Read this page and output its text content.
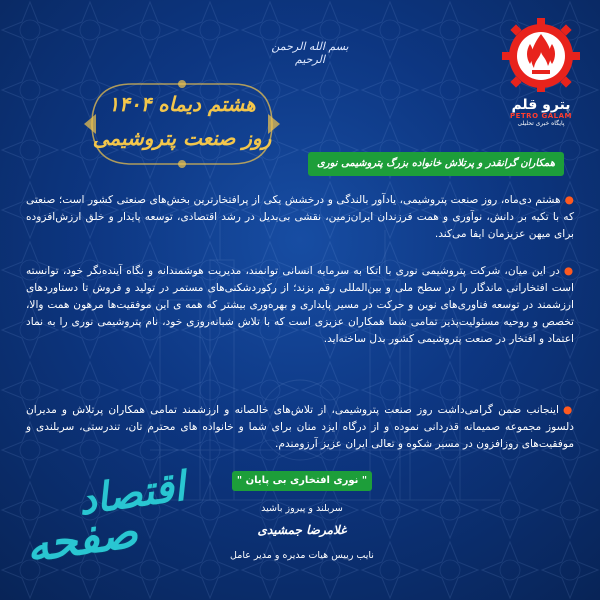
پترو قلم
PETRO GALAM
پایگاه خبری تحلیلی
بسم الله الرحمن الرحیم
هشتم دیماه ۱۴۰۴
روز صنعت پتروشیمی
همکاران گرانقدر و پرتلاش خانواده بزرگ پتروشیمی نوری
●هشتم دی‌ماه، روز صنعت پتروشیمی، یادآور بالندگی و درخشش یکی از پرافتخارترین بخش‌های صنعتی کشور است؛ صنعتی که با تکیه بر دانش، نوآوری و همت فرزندان ایران‌زمین، نقشی بی‌بدیل در رشد اقتصادی، توسعه پایدار و خلق ارزش‌افزوده برای میهن عزیزمان ایفا می‌کند.
●در این میان، شرکت پتروشیمی نوری با اتکا به سرمایه انسانی توانمند، مدیریت هوشمندانه و نگاه آینده‌نگر خود، توانسته است افتخاراتی ماندگار را در سطح ملی و بین‌المللی رقم بزند؛ از رکوردشکنی‌های مستمر در تولید و فروش تا دستاوردهای ارزشمند در توسعه فناوری‌های نوین و حرکت در مسیر پایداری و بهره‌وری بیشتر که همه ی این موفقیت‌ها مرهون همت والا، تخصص و روحیه مسئولیت‌پذیر تمامی شما همکاران عزیزی است که با تلاش شبانه‌روزی خود، نام پتروشیمی نوری را به نماد اعتماد و افتخار در صنعت پتروشیمی کشور بدل ساخته‌اید.
●اینجانب ضمن گرامی‌داشت روز صنعت پتروشیمی، از تلاش‌های خالصانه و ارزشمند تمامی همکاران پرتلاش و مدیران دلسوز مجموعه صمیمانه قدردانی نموده و از درگاه ایزد منان برای شما و خانواده های محترم تان، تندرستی، سربلندی و موفقیت‌های روزافزون در مسیر شکوه و تعالی ایران عزیز آرزومندم.
" نوری افتخاری بی پایان "
سربلند و پیروز باشید
غلامرضا جمشیدی
نایب رییس هیات مدیره و مدیر عامل
اقتصاد
صفحه
